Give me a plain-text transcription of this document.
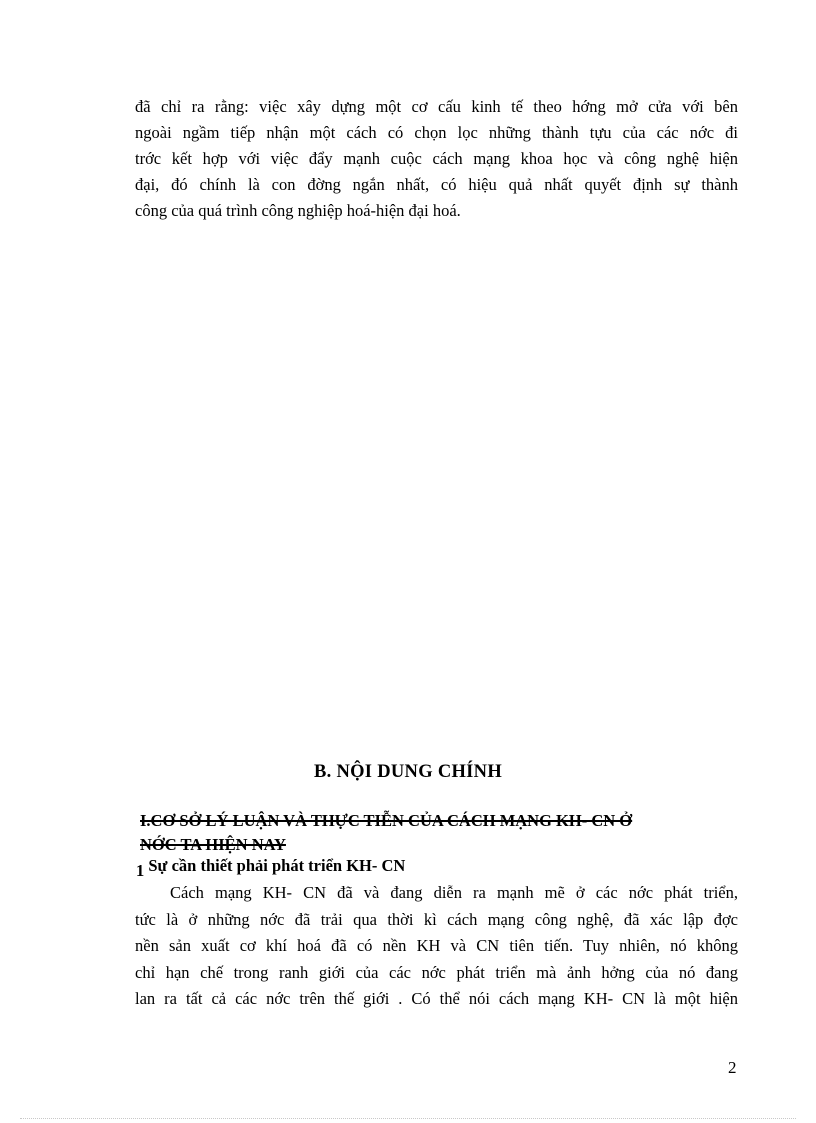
đã chỉ ra rằng: việc xây dựng một cơ cấu kinh tế theo hớng mở cửa với bên
ngoài ngầm tiếp nhận một cách có chọn lọc những thành tựu của các nớc đi
trớc kết hợp với việc đẩy mạnh cuộc cách mạng khoa học và công nghệ hiện
đại, đó chính là con đờng ngắn nhất, có hiệu quả nhất quyết định sự thành
công của quá trình công nghiệp hoá-hiện đại hoá.
B. NỘI DUNG CHÍNH
I.CƠ SỞ LÝ LUẬN VÀ THỰC TIỄN CỦA CÁCH MẠNG KH- CN Ở
NỚC TA HIỆN NAY
1 Sự cần thiết phải phát triển KH- CN
Cách mạng KH- CN đã và đang diễn ra mạnh mẽ ở các nớc phát triển,
tức là ở những nớc đã trải qua thời kì cách mạng công nghệ, đã xác lập đợc
nền sản xuất cơ khí hoá đã có nền KH và CN tiên tiến. Tuy nhiên, nó không
chỉ hạn chế trong ranh giới của các nớc phát triển mà ảnh hởng của nó đang
lan ra tất cả các nớc trên thế giới . Có thể nói cách mạng KH- CN là một hiện
2
